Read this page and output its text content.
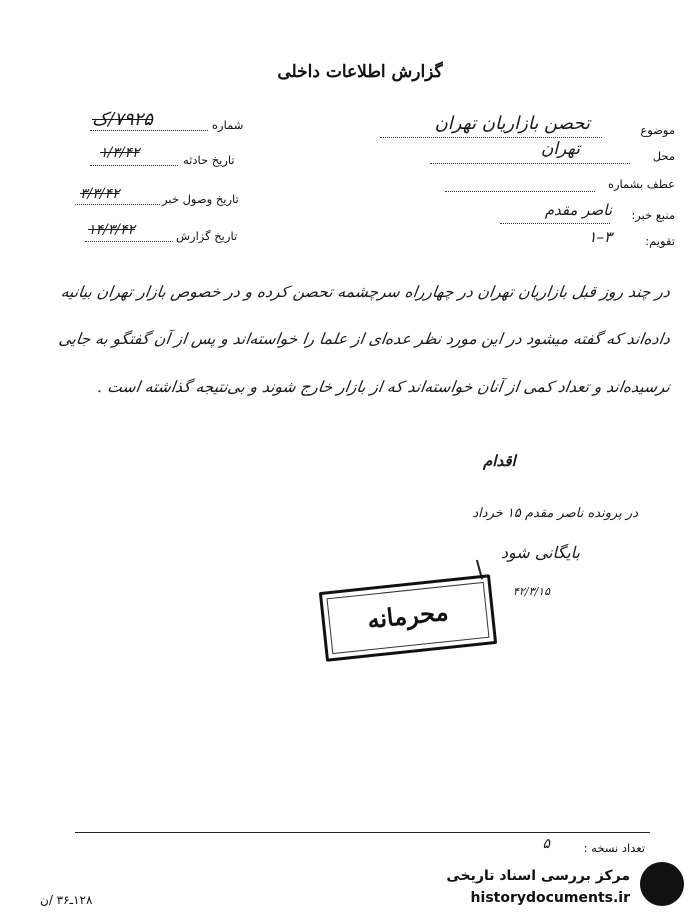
گزارش اطلاعات داخلی
موضوع
تحصن بازاریان تهران
محل
تهران
عطف بشماره
منبع خبر:
ناصر مقدم
تقویم:
۳–۱
شماره
۷۹۲۵/ک
تاریخ حادثه
۱/۳/۴۲
تاریخ وصول خبر
۳/۳/۴۲
تاریخ گزارش
۱۴/۳/۴۲
در چند روز قبل بازاریان تهران در چهارراه سرچشمه تحصن کرده و در خصوص بازار تهران بیانیه
داده‌اند که گفته میشود در این مورد نظر عده‌ای از علما را خواسته‌اند و پس از آن گفتگو به جایی
نرسیده‌اند و تعداد کمی از آنان خواسته‌اند که از بازار خارج شوند و بی‌نتیجه گذاشته است .
اقدام
در پرونده ناصر مقدم ۱۵ خرداد
بایگانی شود
۴۲/۳/۱۵
محرمانه
تعداد نسخه :
۵
۱۲۸ـ۳۶ /ن
مرکز بررسی اسناد تاریخی
historydocuments.ir
